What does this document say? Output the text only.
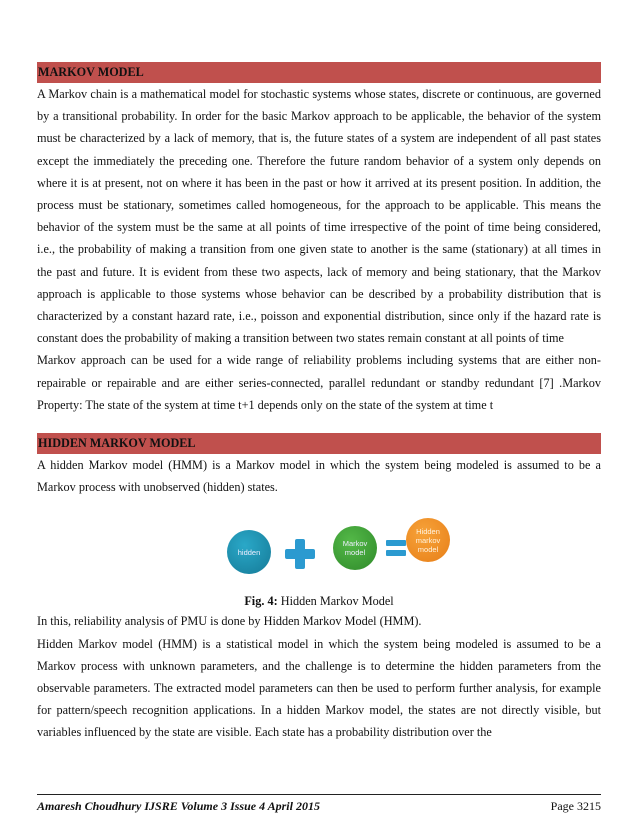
MARKOV MODEL

A Markov chain is a mathematical model for stochastic systems whose states, discrete or continuous, are governed by a transitional probability. In order for the basic Markov approach to be applicable, the behavior of the system must be characterized by a lack of memory, that is, the future states of a system are independent of all past states except the immediately the preceding one. Therefore the future random behavior of a system only depends on where it is at present, not on where it has been in the past or how it arrived at its present position. In addition, the process must be stationary, sometimes called homogeneous, for the approach to be applicable. This means the behavior of the system must be the same at all points of time irrespective of the point of time being considered, i.e., the probability of making a transition from one given state to another is the same (stationary) at all times in the past and future. It is evident from these two aspects, lack of memory and being stationary, that the Markov approach is applicable to those systems whose behavior can be described by a probability distribution that is characterized by a constant hazard rate, i.e., poisson and exponential distribution, since only if the hazard rate is constant does the probability of making a transition between two states remain constant at all points of time

Markov approach can be used for a wide range of reliability problems including systems that are either non-repairable or repairable and are either series-connected, parallel redundant or standby redundant [7] .Markov Property: The state of the system at time t+1 depends only on the state of the system at time t

HIDDEN MARKOV MODEL

A hidden Markov model (HMM) is a Markov model in which the system being modeled is assumed to be a Markov process with unobserved (hidden) states.

hidden
Markov model
Hidden markov model
Fig. 4: Hidden Markov Model

In this, reliability analysis of PMU is done by Hidden Markov Model (HMM).

Hidden Markov model (HMM) is a statistical model in which the system being modeled is assumed to be a Markov process with unknown parameters, and the challenge is to determine the hidden parameters from the observable parameters. The extracted model parameters can then be used to perform further analysis, for example for pattern/speech recognition applications. In a hidden Markov model, the states are not directly visible, but variables influenced by the state are visible. Each state has a probability distribution over the

Amaresh Choudhury IJSRE Volume 3 Issue 4 April 2015	Page 3215
